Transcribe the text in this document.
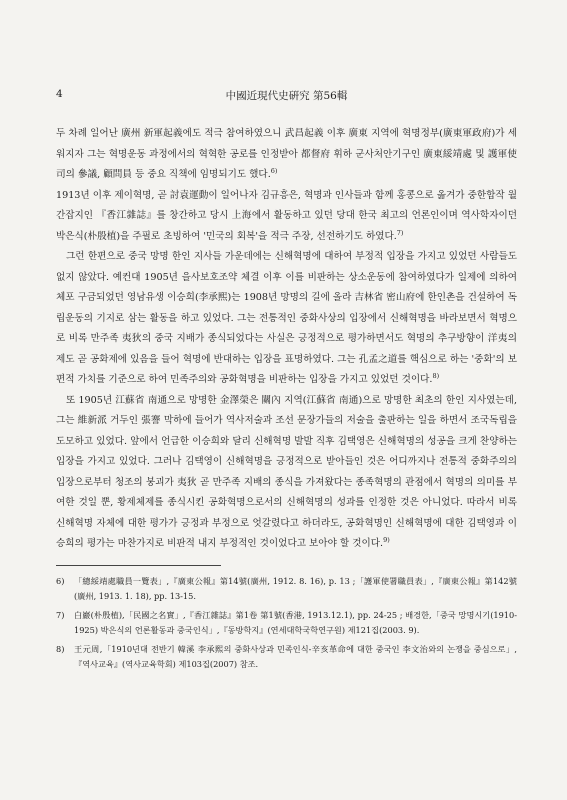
4	中國近現代史硏究 第56輯

두 차례 일어난 廣州 新軍起義에도 적극 참여하였으니 武昌起義 이후 廣東 지역에 혁명정부(廣東軍政府)가 세워지자 그는 혁명운동 과정에서의 혁혁한 공로를 인정받아 都督府 휘하 군사처안기구인 廣東綏靖處 및 護軍使司의 參議, 顧問員 등 중요 직책에 임명되기도 했다.$^{6)}$

1913년 이후 제이혁명, 곧 討袁運動이 일어나자 김규흥은, 혁명과 인사들과 함께 홍콩으로 옮겨가 중한합작 월간잡지인 『香江雜誌』를 창간하고 당시 上海에서 활동하고 있던 당대 한국 최고의 언론인이며 역사학자이던 박은식(朴殷植)을 주필로 초빙하여 '민국의 회복'을 적극 주장, 선전하기도 하였다.$^{7)}$

그런 한편으로 중국 망명 한인 지사들 가운데에는 신해혁명에 대하여 부정적 입장을 가지고 있었던 사람들도 없지 않았다. 예컨대 1905년 을사보호조약 체결 이후 이를 비판하는 상소운동에 참여하였다가 일제에 의하여 체포 구금되었던 영남유생 이승희(李承熙)는 1908년 망명의 길에 올라 吉林省 密山府에 한인촌을 건설하여 독립운동의 기지로 삼는 활동을 하고 있었다. 그는 전통적인 중화사상의 입장에서 신해혁명을 바라보면서 혁명으로 비록 만주족 夷狄의 중국 지배가 종식되었다는 사실은 긍정적으로 평가하면서도 혁명의 추구방향이 洋夷의 제도 곧 공화제에 있음을 들어 혁명에 반대하는 입장을 표명하였다. 그는 孔孟之道를 핵심으로 하는 '중화'의 보편적 가치를 기준으로 하여 민족주의와 공화혁명을 비판하는 입장을 가지고 있었던 것이다.$^{8)}$

또 1905년 江蘇省 南通으로 망명한 金澤榮은 關內 지역(江蘇省 南通)으로 망명한 최초의 한인 지사였는데, 그는 維新派 거두인 張謇 막하에 들어가 역사저술과 조선 문장가들의 저술을 출판하는 일을 하면서 조국독립을 도모하고 있었다. 앞에서 언급한 이승희와 달리 신해혁명 발발 직후 김택영은 신해혁명의 성공을 크게 찬양하는 입장을 가지고 있었다. 그러나 김택영이 신해혁명을 긍정적으로 받아들인 것은 어디까지나 전통적 중화주의의 입장으로부터 청조의 붕괴가 夷狄 곧 만주족 지배의 종식을 가져왔다는 종족혁명의 관점에서 혁명의 의미를 부여한 것일 뿐, 황제체제를 종식시킨 공화혁명으로서의 신해혁명의 성과를 인정한 것은 아니었다. 따라서 비록 신해혁명 자체에 대한 평가가 긍정과 부정으로 엇갈렸다고 하더라도, 공화혁명인 신해혁명에 대한 김택영과 이승희의 평가는 마찬가지로 비판적 내지 부정적인 것이었다고 보아야 할 것이다.$^{9)}$

6) 「總綏靖處職員一覽表」,『廣東公報』第14號(廣州, 1912. 8. 16), p. 13 ;「護軍使署職員表」,『廣東公報』第142號(廣州, 1913. 1. 18), pp. 13-15.
7) 白巖(朴殷植),「民國之名實」,『香江雜誌』第1卷 第1號(香港, 1913.12.1), pp. 24-25 ; 배경한,「중국 망명시기(1910-1925) 박은식의 언론활동과 중국인식」,『동방학지』(연세대학국학연구원) 제121집(2003. 9).
8) 王元周,「1910년대 전반기 韓溪 李承熙의 중화사상과 민족인식-辛亥革命에 대한 중국인 李文治와의 논쟁을 중심으로」,『역사교육』(역사교육학회) 제103집(2007) 참조.
